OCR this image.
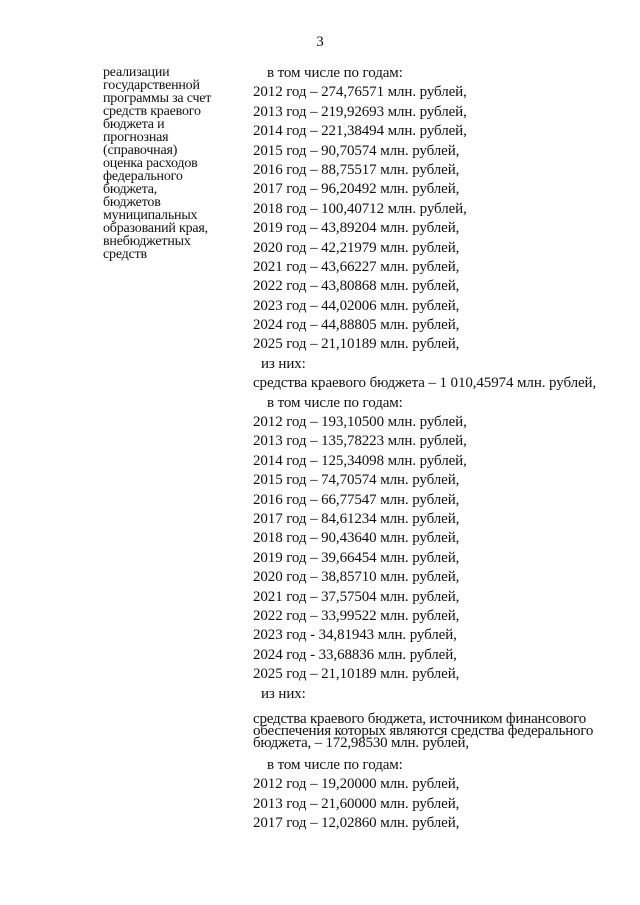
3
реализации
государственной
программы за счет
средств краевого
бюджета и
прогнозная
(справочная)
оценка расходов
федерального
бюджета,
бюджетов
муниципальных
образований края,
внебюджетных
средств
в том числе по годам:
2012 год – 274,76571 млн. рублей,
2013 год – 219,92693 млн. рублей,
2014 год – 221,38494 млн. рублей,
2015 год – 90,70574 млн. рублей,
2016 год – 88,75517 млн. рублей,
2017 год – 96,20492 млн. рублей,
2018 год – 100,40712 млн. рублей,
2019 год – 43,89204 млн. рублей,
2020 год – 42,21979 млн. рублей,
2021 год – 43,66227 млн. рублей,
2022 год – 43,80868 млн. рублей,
2023 год – 44,02006 млн. рублей,
2024 год – 44,88805 млн. рублей,
2025 год – 21,10189 млн. рублей,
из них:
средства краевого бюджета – 1 010,45974 млн. рублей,
в том числе по годам:
2012 год – 193,10500 млн. рублей,
2013 год – 135,78223 млн. рублей,
2014 год – 125,34098 млн. рублей,
2015 год – 74,70574 млн. рублей,
2016 год – 66,77547 млн. рублей,
2017 год – 84,61234 млн. рублей,
2018 год – 90,43640 млн. рублей,
2019 год – 39,66454 млн. рублей,
2020 год – 38,85710 млн. рублей,
2021 год – 37,57504 млн. рублей,
2022 год – 33,99522 млн. рублей,
2023 год - 34,81943 млн. рублей,
2024 год - 33,68836 млн. рублей,
2025 год – 21,10189 млн. рублей,
из них:
средства краевого бюджета, источником финансового
обеспечения которых являются средства федерального
бюджета, – 172,98530 млн. рублей,
в том числе по годам:
2012 год – 19,20000 млн. рублей,
2013 год – 21,60000 млн. рублей,
2017 год – 12,02860 млн. рублей,
